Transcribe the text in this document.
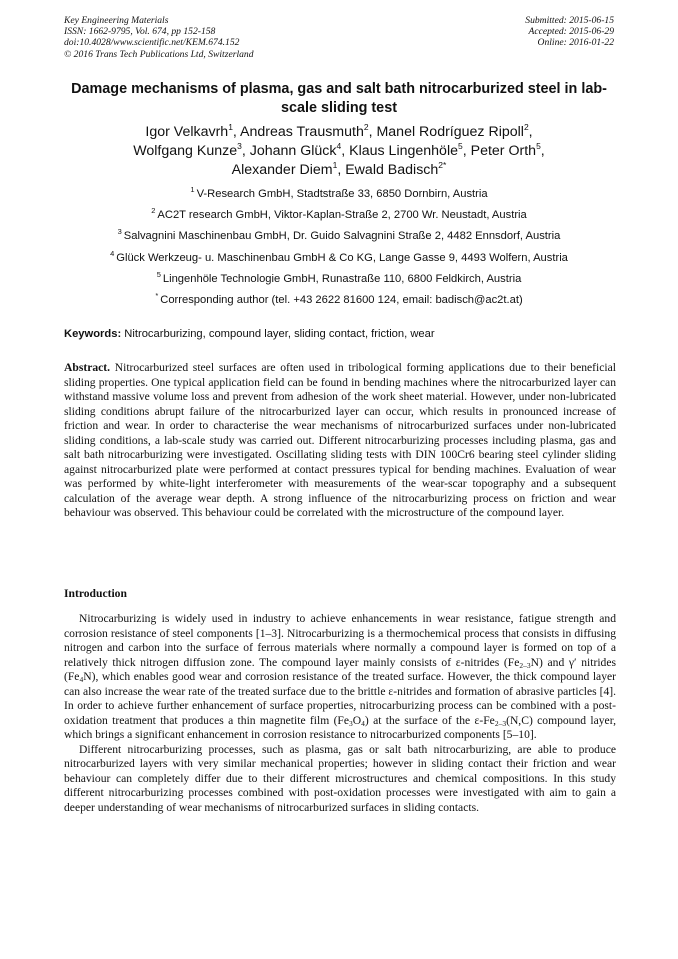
Key Engineering Materials
ISSN: 1662-9795, Vol. 674, pp 152-158
doi:10.4028/www.scientific.net/KEM.674.152
© 2016 Trans Tech Publications Ltd, Switzerland
Submitted: 2015-06-15
Accepted: 2015-06-29
Online: 2016-01-22
Damage mechanisms of plasma, gas and salt bath nitrocarburized steel in lab-scale sliding test
Igor Velkavrh$^1$, Andreas Trausmuth$^2$, Manel Rodríguez Ripoll$^2$,
Wolfgang Kunze$^3$, Johann Glück$^4$, Klaus Lingenhöle$^5$, Peter Orth$^5$,
Alexander Diem$^1$, Ewald Badisch$^{2*}$
$^1$ V-Research GmbH, Stadtstraße 33, 6850 Dornbirn, Austria
$^2$ AC2T research GmbH, Viktor-Kaplan-Straße 2, 2700 Wr. Neustadt, Austria
$^3$ Salvagnini Maschinenbau GmbH, Dr. Guido Salvagnini Straße 2, 4482 Ennsdorf, Austria
$^4$ Glück Werkzeug- u. Maschinenbau GmbH & Co KG, Lange Gasse 9, 4493 Wolfern, Austria
$^5$ Lingenhöle Technologie GmbH, Runastraße 110, 6800 Feldkirch, Austria
* Corresponding author (tel. +43 2622 81600 124, email: badisch@ac2t.at)
Keywords: Nitrocarburizing, compound layer, sliding contact, friction, wear

Abstract. Nitrocarburized steel surfaces are often used in tribological forming applications due to their beneficial sliding properties. One typical application field can be found in bending machines where the nitrocarburized layer can withstand massive volume loss and prevent from adhesion of the work sheet material. However, under non-lubricated sliding conditions abrupt failure of the nitrocarburized layer can occur, which results in pronounced increase of friction and wear. In order to characterise the wear mechanisms of nitrocarburized surfaces under non-lubricated sliding conditions, a lab-scale study was carried out. Different nitrocarburizing processes including plasma, gas and salt bath nitrocarburizing were investigated. Oscillating sliding tests with DIN 100Cr6 bearing steel cylinder sliding against nitrocarburized plate were performed at contact pressures typical for bending machines. Evaluation of wear was performed by white-light interferometer with measurements of the wear-scar topography and a subsequent calculation of the average wear depth. A strong influence of the nitrocarburizing process on friction and wear behaviour was observed. This behaviour could be correlated with the microstructure of the compound layer.

Introduction

Nitrocarburizing is widely used in industry to achieve enhancements in wear resistance, fatigue strength and corrosion resistance of steel components [1–3]. Nitrocarburizing is a thermochemical process that consists in diffusing nitrogen and carbon into the surface of ferrous materials where normally a compound layer is formed on top of a relatively thick nitrogen diffusion zone. The compound layer mainly consists of ε-nitrides $(Fe_{2-3}N)$ and γ′ nitrides $(Fe_4N)$, which enables good wear and corrosion resistance of the treated surface. However, the thick compound layer can also increase the wear rate of the treated surface due to the brittle ε-nitrides and formation of abrasive particles [4]. In order to achieve further enhancement of surface properties, nitrocarburizing process can be combined with a post-oxidation treatment that produces a thin magnetite film $(Fe_3O_4)$ at the surface of the $\varepsilon-Fe_{2-3}(N,C)$ compound layer, which brings a significant enhancement in corrosion resistance to nitrocarburized components [5–10].

Different nitrocarburizing processes, such as plasma, gas or salt bath nitrocarburizing, are able to produce nitrocarburized layers with very similar mechanical properties; however in sliding contact their friction and wear behaviour can completely differ due to their different microstructures and chemical compositions. In this study different nitrocarburizing processes combined with post-oxidation processes were investigated with aim to gain a deeper understanding of wear mechanisms of nitrocarburized surfaces in sliding contacts.
